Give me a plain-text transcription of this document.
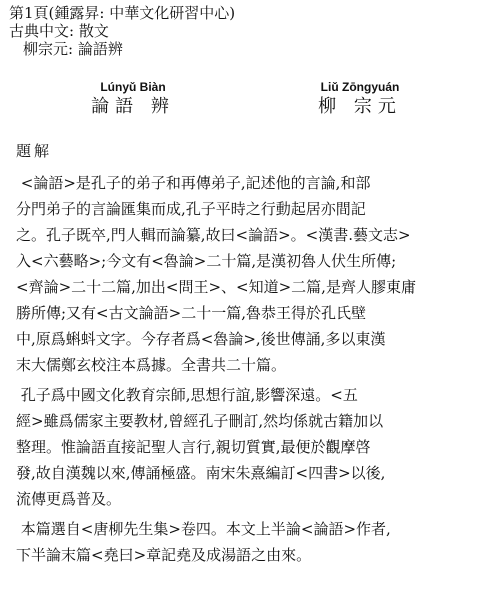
第1頁(鍾露昇: 中華文化研習中心)
古典中文: 散文
柳宗元: 論語辨
Lúnyǔ Biàn
論語 辨
Liǔ Zōngyuán
柳 宗元
題解

<論語>是孔子的弟子和再傳弟子,記述他的言論,和部
分門弟子的言論匯集而成,孔子平時之行動起居亦間記
之。孔子既卒,門人輯而論纂,故曰<論語>。<漢書.藝文志>
入<六藝略>;今文有<魯論>二十篇,是漢初魯人伏生所傳;
<齊論>二十二篇,加出<問王>、<知道>二篇,是齊人膠東庸
勝所傳;又有<古文論語>二十一篇,魯恭王得於孔氏壁
中,原爲蝌蚪文字。今存者爲<魯論>,後世傳誦,多以東漢
末大儒鄭玄校注本爲據。全書共二十篇。

孔子爲中國文化教育宗師,思想行誼,影響深遠。<五
經>雖爲儒家主要教材,曾經孔子刪訂,然均係就古籍加以
整理。惟論語直接記聖人言行,親切質實,最便於觀摩啓
發,故自漢魏以來,傳誦極盛。南宋朱熹編訂<四書>以後,
流傳更爲普及。

本篇選自<唐柳先生集>卷四。本文上半論<論語>作者,
下半論末篇<堯曰>章記堯及成湯語之由來。
